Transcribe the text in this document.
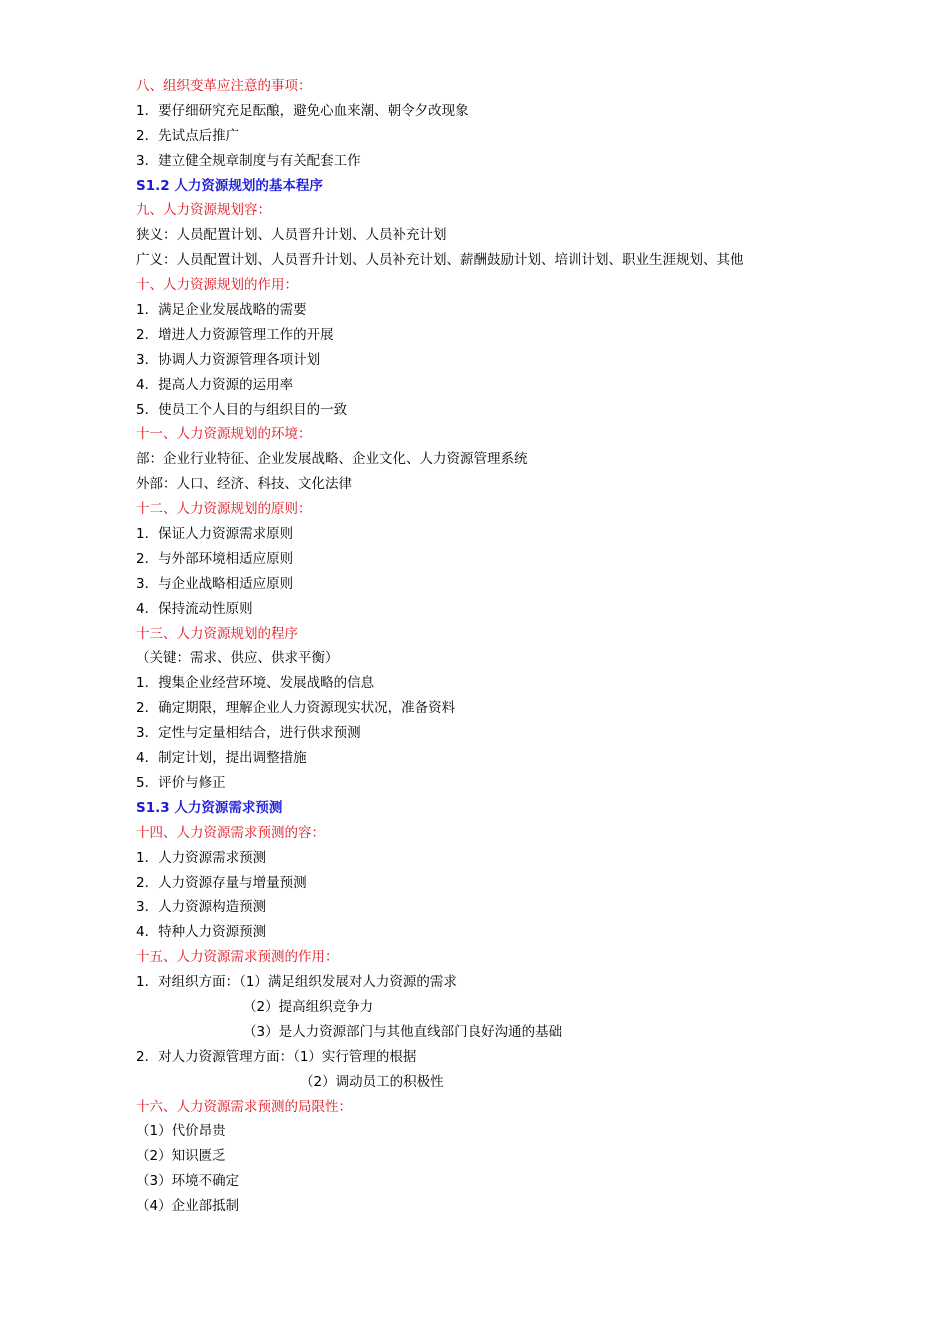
八、组织变革应注意的事项：

1．要仔细研究充足酝酿，避免心血来潮、朝令夕改现象

2．先试点后推广

3．建立健全规章制度与有关配套工作

S1.2 人力资源规划的基本程序

九、人力资源规划容：

狭义：人员配置计划、人员晋升计划、人员补充计划

广义：人员配置计划、人员晋升计划、人员补充计划、薪酬鼓励计划、培训计划、职业生涯规划、其他

十、人力资源规划的作用：

1．满足企业发展战略的需要

2．增进人力资源管理工作的开展

3．协调人力资源管理各项计划

4．提高人力资源的运用率

5．使员工个人目的与组织目的一致

十一、人力资源规划的环境：

部：企业行业特征、企业发展战略、企业文化、人力资源管理系统

外部：人口、经济、科技、文化法律

十二、人力资源规划的原则：

1．保证人力资源需求原则

2．与外部环境相适应原则

3．与企业战略相适应原则

4．保持流动性原则

十三、人力资源规划的程序

（关键：需求、供应、供求平衡）

1．搜集企业经营环境、发展战略的信息

2．确定期限，理解企业人力资源现实状况，准备资料

3．定性与定量相结合，进行供求预测

4．制定计划，提出调整措施

5．评价与修正

S1.3 人力资源需求预测

十四、人力资源需求预测的容：

1．人力资源需求预测

2．人力资源存量与增量预测

3．人力资源构造预测

4．特种人力资源预测

十五、人力资源需求预测的作用：

1．对组织方面：（1）满足组织发展对人力资源的需求

（2）提高组织竞争力

（3）是人力资源部门与其他直线部门良好沟通的基础

2．对人力资源管理方面：（1）实行管理的根据

（2）调动员工的积极性

十六、人力资源需求预测的局限性：

（1）代价昂贵

（2）知识匮乏

（3）环境不确定

（4）企业部抵制
